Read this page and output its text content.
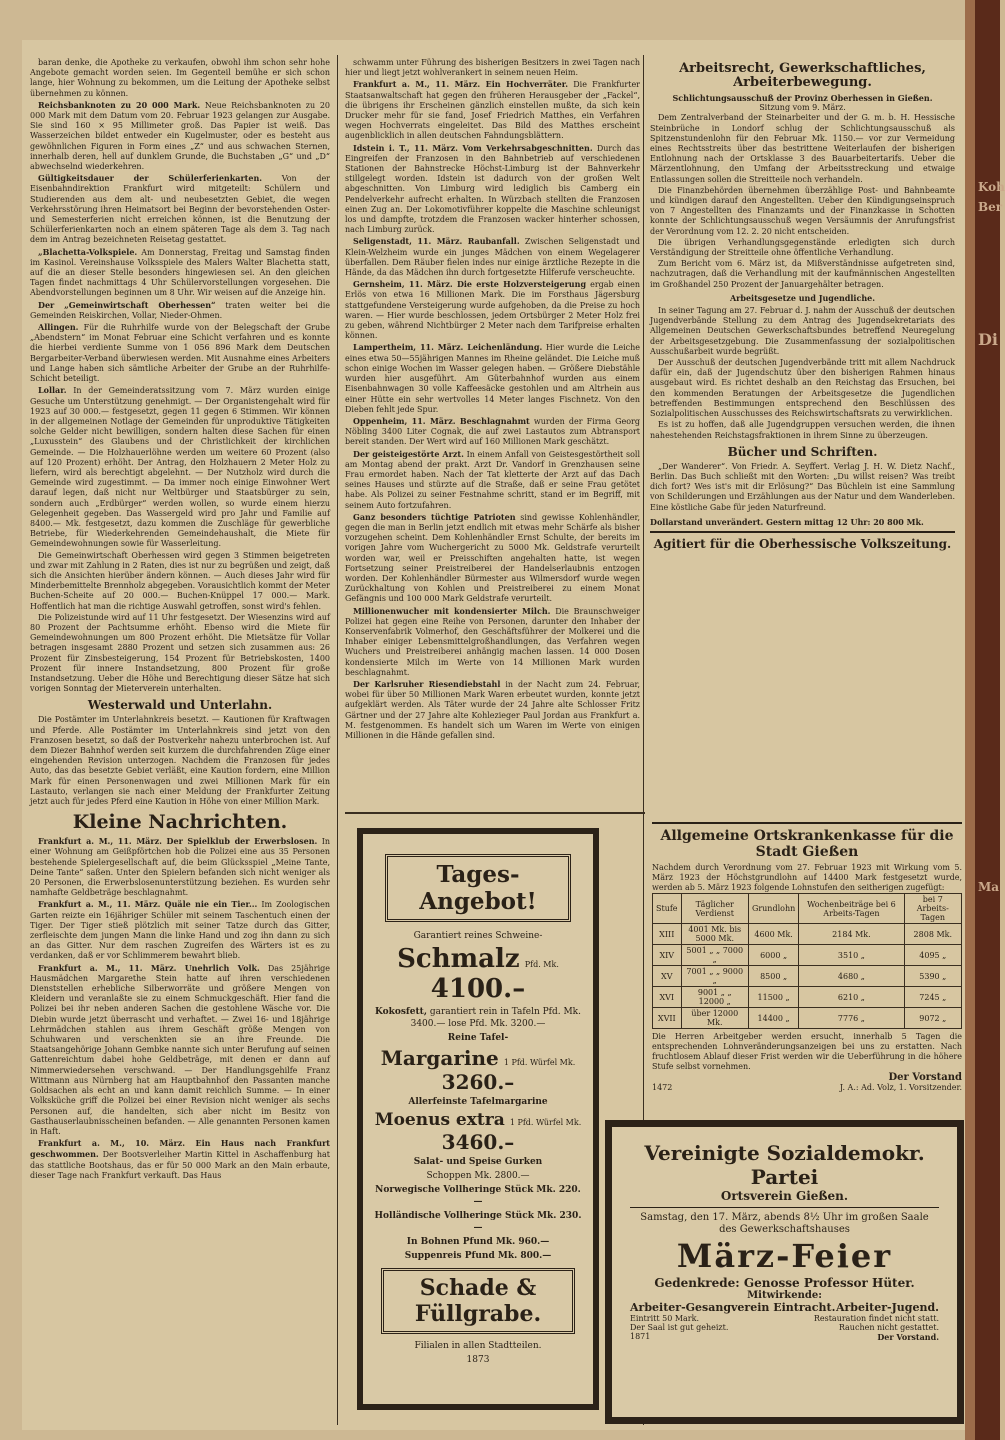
Koh
Ber
Di
Ma

baran denke, die Apotheke zu verkaufen, obwohl ihm schon sehr hohe Angebote gemacht worden seien. Im Gegenteil bemühe er sich schon lange, hier Wohnung zu bekommen, um die Leitung der Apotheke selbst übernehmen zu können.

Reichsbanknoten zu 20 000 Mark. Neue Reichsbanknoten zu 20 000 Mark mit dem Datum vom 20. Februar 1923 gelangen zur Ausgabe. Sie sind 160 × 95 Millimeter groß. Das Papier ist weiß. Das Wasserzeichen bildet entweder ein Kugelmuster, oder es besteht aus gewöhnlichen Figuren in Form eines „Z“ und aus schwachen Sternen, innerhalb deren, hell auf dunklem Grunde, die Buchstaben „G“ und „D“ abwechselnd wiederkehren.

Gültigkeitsdauer der Schülerferienkarten. Von der Eisenbahndirektion Frankfurt wird mitgeteilt: Schülern und Studierenden aus dem alt- und neubesetzten Gebiet, die wegen Verkehrsstörung ihren Heimatsort bei Beginn der bevorstehenden Oster- und Semesterferien nicht erreichen können, ist die Benutzung der Schülerferienkarten noch an einem späteren Tage als dem 3. Tag nach dem im Antrag bezeichneten Reisetag gestattet.

„Blachetta-Volkspiele. Am Donnerstag, Freitag und Samstag finden im Kasinol. Vereinshause Volksspiele des Malers Walter Blachetta statt, auf die an dieser Stelle besonders hingewiesen sei. An den gleichen Tagen findet nachmittags 4 Uhr Schülervorstellungen vorgesehen. Die Abendvorstellungen beginnen um 8 Uhr. Wir weisen auf die Anzeige hin.

Der „Gemeinwirtschaft Oberhessen“ traten weiter bei die Gemeinden Reiskirchen, Vollar, Nieder-Ohmen.

Allingen. Für die Ruhrhilfe wurde von der Belegschaft der Grube „Abendstern“ im Monat Februar eine Schicht verfahren und es konnte die hierbei verdiente Summe von 1 056 896 Mark dem Deutschen Bergarbeiter-Verband überwiesen werden. Mit Ausnahme eines Arbeiters und Lange haben sich sämtliche Arbeiter der Grube an der Ruhrhilfe-Schicht beteiligt.

Lollar. In der Gemeinderatssitzung vom 7. März wurden einige Gesuche um Unterstützung genehmigt. — Der Organistengehalt wird für 1923 auf 30 000.— festgesetzt, gegen 11 gegen 6 Stimmen. Wir können in der allgemeinen Notlage der Gemeinden für unproduktive Tätigkeiten solche Gelder nicht bewilligen, sondern halten diese Sachen für einen „Luxusstein“ des Glaubens und der Christlichkeit der kirchlichen Gemeinde. — Die Holzhauerlöhne werden um weitere 60 Prozent (also auf 120 Prozent) erhöht. Der Antrag, den Holzhauern 2 Meter Holz zu liefern, wird als berechtigt abgelehnt. — Der Nutzholz wird durch die Gemeinde wird zugestimmt. — Da immer noch einige Einwohner Wert darauf legen, daß nicht nur Weltbürger und Staatsbürger zu sein, sondern auch „Erdbürger“ werden wollen, so wurde einem hierzu Gelegenheit gegeben. Das Wassergeld wird pro Jahr und Familie auf 8400.— Mk. festgesetzt, dazu kommen die Zuschläge für gewerbliche Betriebe, für Wiederkehrenden Gemeindehaushalt, die Miete für Gemeindewohnungen sowie für Wasserleitung.

Die Gemeinwirtschaft Oberhessen wird gegen 3 Stimmen beigetreten und zwar mit Zahlung in 2 Raten, dies ist nur zu begrüßen und zeigt, daß sich die Ansichten hierüber ändern können. — Auch dieses Jahr wird für Minderbemittelte Brennholz abgegeben. Vorausichtlich kommt der Meter Buchen-Scheite auf 20 000.— Buchen-Knüppel 17 000.— Mark. Hoffentlich hat man die richtige Auswahl getroffen, sonst wird's fehlen.

Die Polizeistunde wird auf 11 Uhr festgesetzt. Der Wiesenzins wird auf 80 Prozent der Pachtsumme erhöht. Ebenso wird die Miete für Gemeindewohnungen um 800 Prozent erhöht. Die Mietsätze für Vollar betragen insgesamt 2880 Prozent und setzen sich zusammen aus: 26 Prozent für Zinsbesteigerung, 154 Prozent für Betriebskosten, 1400 Prozent für innere Instandsetzung, 800 Prozent für große Instandsetzung. Ueber die Höhe und Berechtigung dieser Sätze hat sich vorigen Sonntag der Mieterverein unterhalten.

Westerwald und Unterlahn.

Die Postämter im Unterlahnkreis besetzt. — Kautionen für Kraftwagen und Pferde. Alle Postämter im Unterlahnkreis sind jetzt von den Franzosen besetzt, so daß der Postverkehr nahezu unterbrochen ist. Auf dem Diezer Bahnhof werden seit kurzem die durchfahrenden Züge einer eingehenden Revision unterzogen. Nachdem die Franzosen für jedes Auto, das das besetzte Gebiet verläßt, eine Kaution fordern, eine Million Mark für einen Personenwagen und zwei Millionen Mark für ein Lastauto, verlangen sie nach einer Meldung der Frankfurter Zeitung jetzt auch für jedes Pferd eine Kaution in Höhe von einer Million Mark.

Kleine Nachrichten.

Frankfurt a. M., 11. März. Der Spielklub der Erwerbslosen. In einer Wohnung am Geißpförtchen hob die Polizei eine aus 35 Personen bestehende Spielergesellschaft auf, die beim Glücksspiel „Meine Tante, Deine Tante“ saßen. Unter den Spielern befanden sich nicht weniger als 20 Personen, die Erwerbslosenunterstützung beziehen. Es wurden sehr namhafte Geldbeträge beschlagnahmt.

Frankfurt a. M., 11. März. Quäle nie ein Tier... Im Zoologischen Garten reizte ein 16jähriger Schüler mit seinem Taschentuch einen der Tiger. Der Tiger stieß plötzlich mit seiner Tatze durch das Gitter, zerfleischte dem jungen Mann die linke Hand und zog ihn dann zu sich an das Gitter. Nur dem raschen Zugreifen des Wärters ist es zu verdanken, daß er vor Schlimmerem bewahrt blieb.

Frankfurt a. M., 11. März. Unehrlich Volk. Das 25jährige Hausmädchen Margarethe Stein hatte auf ihren verschiedenen Dienststellen erhebliche Silberworräte und größere Mengen von Kleidern und veranlaßte sie zu einem Schmuckgeschäft. Hier fand die Polizei bei ihr neben anderen Sachen die gestohlene Wäsche vor. Die Diebin wurde jetzt überrascht und verhaftet. — Zwei 16- und 18jährige Lehrmädchen stahlen aus ihrem Geschäft größe Mengen von Schuhwaren und verschenkten sie an ihre Freunde. Die Staatsangehörige Johann Gembke nannte sich unter Berufung auf seinen Gattenreichtum dabei hohe Geldbeträge, mit denen er dann auf Nimmerwiedersehen verschwand. — Der Handlungsgehilfe Franz Wittmann aus Nürnberg hat am Hauptbahnhof den Passanten manche Goldsachen als echt an und kann damit reichlich Summe. — In einer Volksküche griff die Polizei bei einer Revision nicht weniger als sechs Personen auf, die handelten, sich aber nicht im Besitz von Gasthauserlaubnisscheinen befanden. — Alle genannten Personen kamen in Haft.

Frankfurt a. M., 10. März. Ein Haus nach Frankfurt geschwommen. Der Bootsverleiher Martin Kittel in Aschaffenburg hat das stattliche Bootshaus, das er für 50 000 Mark an den Main erbaute, dieser Tage nach Frankfurt verkauft. Das Haus

schwamm unter Führung des bisherigen Besitzers in zwei Tagen nach hier und liegt jetzt wohlverankert in seinem neuen Heim.

Frankfurt a. M., 11. März. Ein Hochverräter. Die Frankfurter Staatsanwaltschaft hat gegen den früheren Herausgeber der „Fackel“, die übrigens ihr Erscheinen gänzlich einstellen mußte, da sich kein Drucker mehr für sie fand, Josef Friedrich Matthes, ein Verfahren wegen Hochverrats eingeleitet. Das Bild des Matthes erscheint augenblicklich in allen deutschen Fahndungsblättern.

Idstein i. T., 11. März. Vom Verkehrsabgeschnitten. Durch das Eingreifen der Franzosen in den Bahnbetrieb auf verschiedenen Stationen der Bahnstrecke Höchst-Limburg ist der Bahnverkehr stillgelegt worden. Idstein ist dadurch von der großen Welt abgeschnitten. Von Limburg wird lediglich bis Camberg ein Pendelverkehr aufrecht erhalten. In Würzbach stellten die Franzosen einen Zug an. Der Lokomotivführer koppelte die Maschine schleunigst los und dampfte, trotzdem die Franzosen wacker hinterher schossen, nach Limburg zurück.

Seligenstadt, 11. März. Raubanfall. Zwischen Seligenstadt und Klein-Welzheim wurde ein junges Mädchen von einem Wegelagerer überfallen. Dem Räuber fielen indes nur einige ärztliche Rezepte in die Hände, da das Mädchen ihn durch fortgesetzte Hilferufe verscheuchte.

Gernsheim, 11. März. Die erste Holzversteigerung ergab einen Erlös von etwa 16 Millionen Mark. Die im Forsthaus Jägersburg stattgefundene Versteigerung wurde aufgehoben, da die Preise zu hoch waren. — Hier wurde beschlossen, jedem Ortsbürger 2 Meter Holz frei zu geben, während Nichtbürger 2 Meter nach dem Tarifpreise erhalten können.

Lampertheim, 11. März. Leichenländung. Hier wurde die Leiche eines etwa 50—55jährigen Mannes im Rheine geländet. Die Leiche muß schon einige Wochen im Wasser gelegen haben. — Größere Diebstähle wurden hier ausgeführt. Am Güterbahnhof wurden aus einem Eisenbahnwagen 30 volle Kaffeesäcke gestohlen und am Altrhein aus einer Hütte ein sehr wertvolles 14 Meter langes Fischnetz. Von den Dieben fehlt jede Spur.

Oppenheim, 11. März. Beschlagnahmt wurden der Firma Georg Nöbling 3400 Liter Cognak, die auf zwei Lastautos zum Abtransport bereit standen. Der Wert wird auf 160 Millionen Mark geschätzt.

Der geisteigestörte Arzt. In einem Anfall von Geistesgestörtheit soll am Montag abend der prakt. Arzt Dr. Vandorf in Grenzhausen seine Frau ermordet haben. Nach der Tat kletterte der Arzt auf das Dach seines Hauses und stürzte auf die Straße, daß er seine Frau getötet habe. Als Polizei zu seiner Festnahme schritt, stand er im Begriff, mit seinem Auto fortzufahren.

Ganz besonders tüchtige Patrioten sind gewisse Kohlenhändler, gegen die man in Berlin jetzt endlich mit etwas mehr Schärfe als bisher vorzugehen scheint. Dem Kohlenhändler Ernst Schulte, der bereits im vorigen Jahre vom Wuchergericht zu 5000 Mk. Geldstrafe verurteilt worden war, weil er Preisschiften angehalten hatte, ist wegen Fortsetzung seiner Preistreiberei der Handelserlaubnis entzogen worden. Der Kohlenhändler Bürmester aus Wilmersdorf wurde wegen Zurückhaltung von Kohlen und Preistreiberei zu einem Monat Gefängnis und 100 000 Mark Geldstrafe verurteilt.

Millionenwucher mit kondensierter Milch. Die Braunschweiger Polizei hat gegen eine Reihe von Personen, darunter den Inhaber der Konservenfabrik Volmerhof, den Geschäftsführer der Molkerei und die Inhaber einiger Lebensmittelgroßhandlungen, das Verfahren wegen Wuchers und Preistreiberei anhängig machen lassen. 14 000 Dosen kondensierte Milch im Werte von 14 Millionen Mark wurden beschlagnahmt.

Der Karlsruher Riesendiebstahl in der Nacht zum 24. Februar, wobei für über 50 Millionen Mark Waren erbeutet wurden, konnte jetzt aufgeklärt werden. Als Täter wurde der 24 Jahre alte Schlosser Fritz Gärtner und der 27 Jahre alte Kohlezieger Paul Jordan aus Frankfurt a. M. festgenommen. Es handelt sich um Waren im Werte von einigen Millionen in die Hände gefallen sind.

Arbeitsrecht, Gewerkschaftliches, Arbeiterbewegung.
Schlichtungsausschuß der Provinz Oberhessen in Gießen.
Sitzung vom 9. März.

Dem Zentralverband der Steinarbeiter und der G. m. b. H. Hessische Steinbrüche in Londorf schlug der Schlichtungsausschuß als Spitzenstundenlohn für den Februar Mk. 1150.— vor zur Vermeidung eines Rechtsstreits über das bestrittene Weiterlaufen der bisherigen Entlohnung nach der Ortsklasse 3 des Bauarbeitertarifs. Ueber die Märzentlohnung, den Umfang der Arbeitsstreckung und etwaige Entlassungen sollen die Streitteile noch verhandeln.

Die Finanzbehörden übernehmen überzählige Post- und Bahnbeamte und kündigen darauf den Angestellten. Ueber den Kündigungseinspruch von 7 Angestellten des Finanzamts und der Finanzkasse in Schotten konnte der Schlichtungsausschuß wegen Versäumnis der Anrufungsfrist der Verordnung vom 12. 2. 20 nicht entscheiden.

Die übrigen Verhandlungsgegenstände erledigten sich durch Verständigung der Streitteile ohne öffentliche Verhandlung.

Zum Bericht vom 6. März ist, da Mißverständnisse aufgetreten sind, nachzutragen, daß die Verhandlung mit der kaufmännischen Angestellten im Großhandel 250 Prozent der Januargehälter betragen.

Arbeitsgesetze und Jugendliche.

In seiner Tagung am 27. Februar d. J. nahm der Ausschuß der deutschen Jugendverbände Stellung zu dem Antrag des Jugendsekretariats des Allgemeinen Deutschen Gewerkschaftsbundes betreffend Neuregelung der Arbeitsgesetzgebung. Die Zusammenfassung der sozialpolitischen Ausschußarbeit wurde begrüßt.

Der Ausschuß der deutschen Jugendverbände tritt mit allem Nachdruck dafür ein, daß der Jugendschutz über den bisherigen Rahmen hinaus ausgebaut wird. Es richtet deshalb an den Reichstag das Ersuchen, bei den kommenden Beratungen der Arbeitsgesetze die Jugendlichen betreffenden Bestimmungen entsprechend den Beschlüssen des Sozialpolitischen Ausschusses des Reichswirtschaftsrats zu verwirklichen.

Es ist zu hoffen, daß alle Jugendgruppen versuchen werden, die ihnen nahestehenden Reichstagsfraktionen in ihrem Sinne zu überzeugen.

Bücher und Schriften.

„Der Wanderer“. Von Friedr. A. Seyffert. Verlag J. H. W. Dietz Nachf., Berlin. Das Buch schließt mit den Worten: „Du willst reisen? Was treibt dich fort? Wes ist's mit dir Erlösung?“ Das Büchlein ist eine Sammlung von Schilderungen und Erzählungen aus der Natur und dem Wanderleben. Eine köstliche Gabe für jeden Naturfreund.

Dollarstand unverändert. Gestern mittag 12 Uhr: 20 800 Mk.
Agitiert für die Oberhessische Volkszeitung.
Allgemeine Ortskrankenkasse für die Stadt Gießen
Nachdem durch Verordnung vom 27. Februar 1923 mit Wirkung vom 5. März 1923 der Höchstgrundlohn auf 14400 Mark festgesetzt wurde, werden ab 5. März 1923 folgende Lohnstufen den seitherigen zugefügt:
Stufe	Täglicher Verdienst	Grundlohn	Wochenbeiträge bei 6 Arbeits-Tagen	bei 7 Arbeits-Tagen
XIII	4001 Mk. bis 5000 Mk.	4600 Mk.	2184 Mk.	2808 Mk.
XIV	5001 „ „ 7000 „	6000 „	3510 „	4095 „
XV	7001 „ „ 9000 „	8500 „	4680 „	5390 „
XVI	9001 „ „ 12000 „	11500 „	6210 „	7245 „
XVII	über 12000 Mk.	14400 „	7776 „	9072 „
Die Herren Arbeitgeber werden ersucht, innerhalb 5 Tagen die entsprechenden Lohnveränderungsanzeigen bei uns zu erstatten. Nach fruchtlosem Ablauf dieser Frist werden wir die Ueberführung in die höhere Stufe selbst vornehmen.
Der Vorstand
1472	J. A.: Ad. Volz, 1. Vorsitzender.
Tages-Angebot!
Garantiert reines Schweine-
Schmalz Pfd. Mk. 4100.–
Kokosfett, garantiert rein in Tafeln Pfd. Mk. 3400.— lose Pfd. Mk. 3200.—
Reine Tafel-
Margarine 1 Pfd. Würfel Mk. 3260.–
Allerfeinste Tafelmargarine
Moenus extra 1 Pfd. Würfel Mk. 3460.–
Salat- und Speise Gurken
Schoppen Mk. 2800.—
Norwegische Vollheringe Stück Mk. 220.—
Holländische Vollheringe Stück Mk. 230.—
In Bohnen Pfund Mk. 960.—
Suppenreis Pfund Mk. 800.—
Schade & Füllgrabe.
Filialen in allen Stadtteilen.
1873
Vereinigte Sozialdemokr. Partei
Ortsverein Gießen.
Samstag, den 17. März, abends 8½ Uhr im großen Saale des Gewerkschaftshauses
März-Feier
Gedenkrede: Genosse Professor Hüter.
Mitwirkende:
Arbeiter-Gesangverein Eintracht. Arbeiter-Jugend.
Eintritt 50 Mark.	Restauration findet nicht statt.
Der Saal ist gut geheizt.	Rauchen nicht gestattet.
1871	Der Vorstand.
